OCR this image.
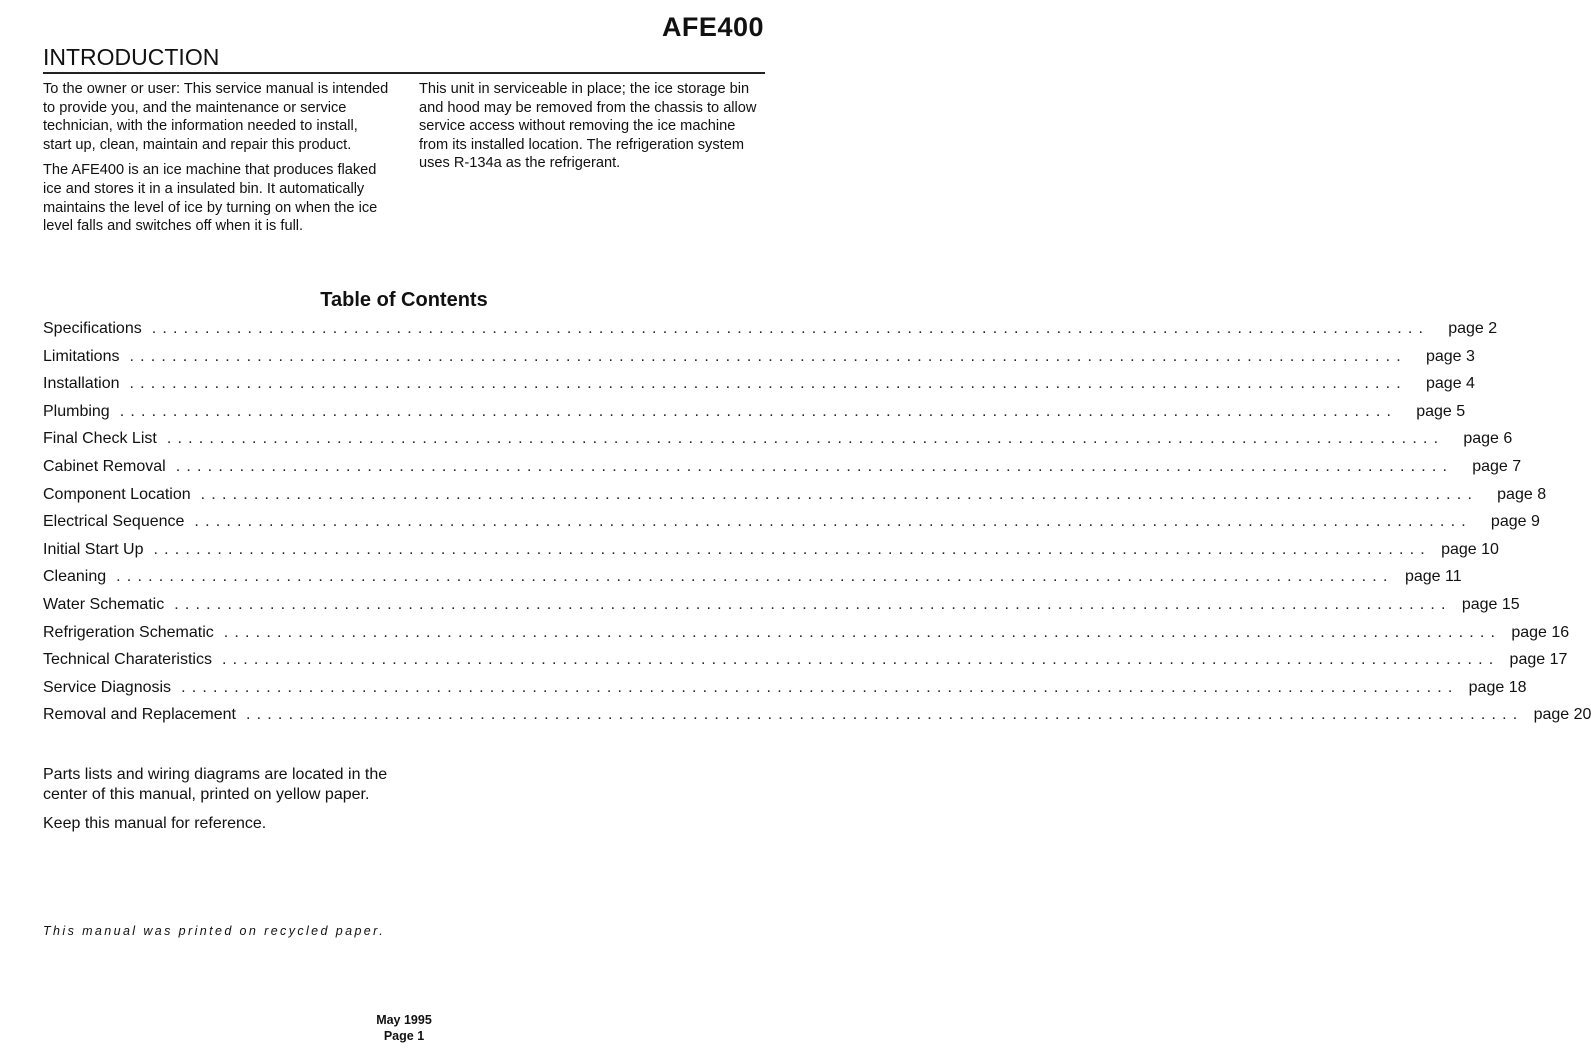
AFE400
INTRODUCTION

To the owner or user: This service manual is intended to provide you, and the maintenance or service technician, with the information needed to install, start up, clean, maintain and repair this product.

The AFE400 is an ice machine that produces flaked ice and stores it in a insulated bin. It automatically maintains the level of ice by turning on when the ice level falls and switches off when it is full.

This unit in serviceable in place; the ice storage bin and hood may be removed from the chassis to allow service access without removing the ice machine from its installed location. The refrigeration system uses R-134a as the refrigerant.

Table of Contents
Specifications ........................................................................................................................	page 2
Limitations ........................................................................................................................	page 3
Installation ........................................................................................................................	page 4
Plumbing ........................................................................................................................	page 5
Final Check List ........................................................................................................................	page 6
Cabinet Removal ........................................................................................................................	page 7
Component Location ........................................................................................................................	page 8
Electrical Sequence ........................................................................................................................	page 9
Initial Start Up ........................................................................................................................ page 10
Cleaning ........................................................................................................................ page 11
Water Schematic ........................................................................................................................ page 15
Refrigeration Schematic ........................................................................................................................ page 16
Technical Charateristics ........................................................................................................................ page 17
Service Diagnosis ........................................................................................................................ page 18
Removal and Replacement ........................................................................................................................ page 20

Parts lists and wiring diagrams are located in the center of this manual, printed on yellow paper.

Keep this manual for reference.

This manual was printed on recycled paper.
May 1995
Page 1
